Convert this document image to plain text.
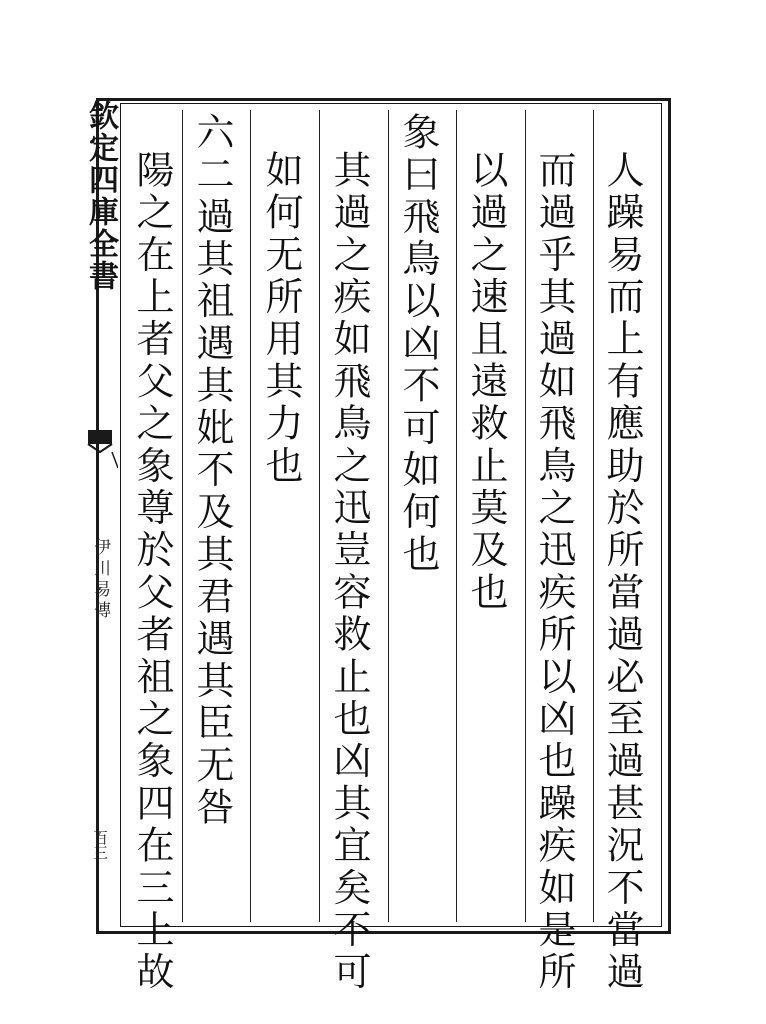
欽定四庫全書
伊川易傳
百三	人躁易而上有應助於所當過必至過甚況不當過
而過乎其過如飛鳥之迅疾所以凶也躁疾如是所
以過之速且遠救止莫及也
象曰飛鳥以凶不可如何也
其過之疾如飛鳥之迅豈容救止也凶其宜矣不可
如何无所用其力也
六二過其祖遇其妣不及其君遇其臣无咎
陽之在上者父之象尊於父者祖之象四在三上故
